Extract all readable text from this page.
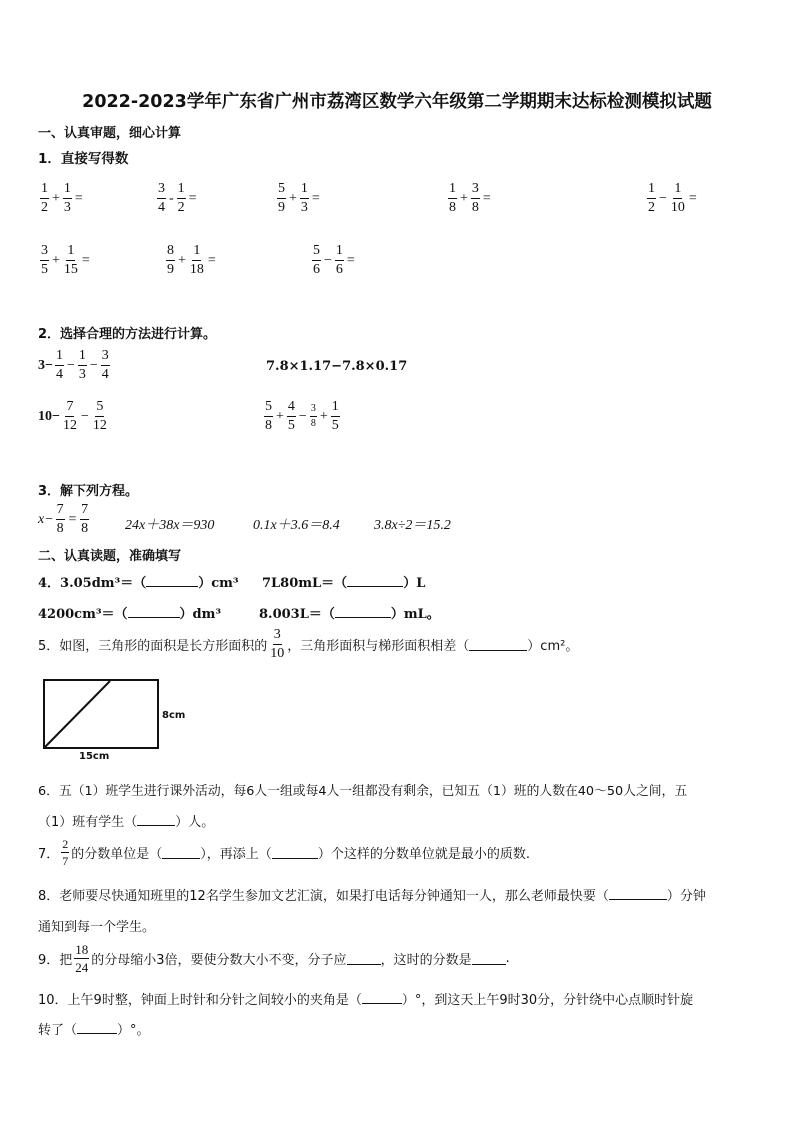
2022-2023学年广东省广州市荔湾区数学六年级第二学期期末达标检测模拟试题
一、认真审题，细心计算
1．直接写得数
$\frac{1}{2} + \frac{1}{3}$ =	$\frac{3}{4} - \frac{1}{2}$ =	$\frac{5}{9} + \frac{1}{3}$ =	$\frac{1}{8} + \frac{3}{8}$ =	$\frac{1}{2} - \frac{1}{10}$ =
$\frac{3}{5} + \frac{1}{15}$ =	$\frac{8}{9} + \frac{1}{18}$ =	$\frac{5}{6} - \frac{1}{6}$ =
2．选择合理的方法进行计算。
$3- \frac{1}{4} - \frac{1}{3} - \frac{3}{4}$	7.8×1.17−7.8×0.17
$10- \frac{7}{12} - \frac{5}{12}$	$\frac{5}{8} + \frac{4}{5} - \frac{3}{8} + \frac{1}{5}$
3．解下列方程。
$x- \frac{7}{8} = \frac{7}{8}$	24x＋38x＝930	0.1x＋3.6＝8.4 3.8x÷2＝15.2
二、认真读题，准确填写
4．3.05dm³＝（	）cm³ 7L80mL＝（	）L
4200cm³＝（	）dm³	8.003L＝（	）mL。
5．如图，三角形的面积是长方形面积的 $\frac{3}{10}$ ，三角形面积与梯形面积相差（	）cm²。
8cm
15cm
6．五（1）班学生进行课外活动，每6人一组或每4人一组都没有剩余，已知五（1）班的人数在40～50人之间，五
（1）班有学生（	）人。
7． $\frac{2}{7}$ 的分数单位是（	），再添上（	）个这样的分数单位就是最小的质数.
8．老师要尽快通知班里的12名学生参加文艺汇演，如果打电话每分钟通知一人，那么老师最快要（	）分钟
通知到每一个学生。
9．把 $\frac{18}{24}$ 的分母缩小3倍，要使分数大小不变，分子应	，这时的分数是	.
10．上午9时整，钟面上时针和分针之间较小的夹角是（	）°，到这天上午9时30分，分针绕中心点顺时针旋
转了（	）°。
